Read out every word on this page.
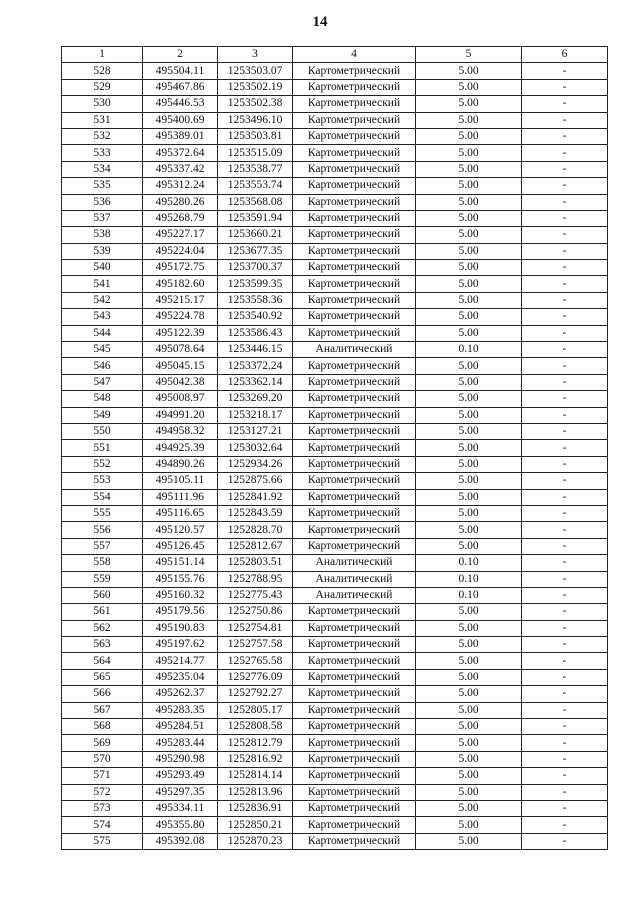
14
1	2	3	4	5	6
528	495504.11	1253503.07	Картометрический	5.00	-
529	495467.86	1253502.19	Картометрический	5.00	-
530	495446.53	1253502.38	Картометрический	5.00	-
531	495400.69	1253496.10	Картометрический	5.00	-
532	495389.01	1253503.81	Картометрический	5.00	-
533	495372.64	1253515.09	Картометрический	5.00	-
534	495337.42	1253538.77	Картометрический	5.00	-
535	495312.24	1253553.74	Картометрический	5.00	-
536	495280.26	1253568.08	Картометрический	5.00	-
537	495268.79	1253591.94	Картометрический	5.00	-
538	495227.17	1253660.21	Картометрический	5.00	-
539	495224.04	1253677.35	Картометрический	5.00	-
540	495172.75	1253700.37	Картометрический	5.00	-
541	495182.60	1253599.35	Картометрический	5.00	-
542	495215.17	1253558.36	Картометрический	5.00	-
543	495224.78	1253540.92	Картометрический	5.00	-
544	495122.39	1253586.43	Картометрический	5.00	-
545	495078.64	1253446.15	Аналитический	0.10	-
546	495045.15	1253372.24	Картометрический	5.00	-
547	495042.38	1253362.14	Картометрический	5.00	-
548	495008.97	1253269.20	Картометрический	5.00	-
549	494991.20	1253218.17	Картометрический	5.00	-
550	494958.32	1253127.21	Картометрический	5.00	-
551	494925.39	1253032.64	Картометрический	5.00	-
552	494890.26	1252934.26	Картометрический	5.00	-
553	495105.11	1252875.66	Картометрический	5.00	-
554	495111.96	1252841.92	Картометрический	5.00	-
555	495116.65	1252843.59	Картометрический	5.00	-
556	495120.57	1252828.70	Картометрический	5.00	-
557	495126.45	1252812.67	Картометрический	5.00	-
558	495151.14	1252803.51	Аналитический	0.10	-
559	495155.76	1252788.95	Аналитический	0.10	-
560	495160.32	1252775.43	Аналитический	0.10	-
561	495179.56	1252750.86	Картометрический	5.00	-
562	495190.83	1252754.81	Картометрический	5.00	-
563	495197.62	1252757.58	Картометрический	5.00	-
564	495214.77	1252765.58	Картометрический	5.00	-
565	495235.04	1252776.09	Картометрический	5.00	-
566	495262.37	1252792.27	Картометрический	5.00	-
567	495283.35	1252805.17	Картометрический	5.00	-
568	495284.51	1252808.58	Картометрический	5.00	-
569	495283.44	1252812.79	Картометрический	5.00	-
570	495290.98	1252816.92	Картометрический	5.00	-
571	495293.49	1252814.14	Картометрический	5.00	-
572	495297.35	1252813.96	Картометрический	5.00	-
573	495334.11	1252836.91	Картометрический	5.00	-
574	495355.80	1252850.21	Картометрический	5.00	-
575	495392.08	1252870.23	Картометрический	5.00	-
